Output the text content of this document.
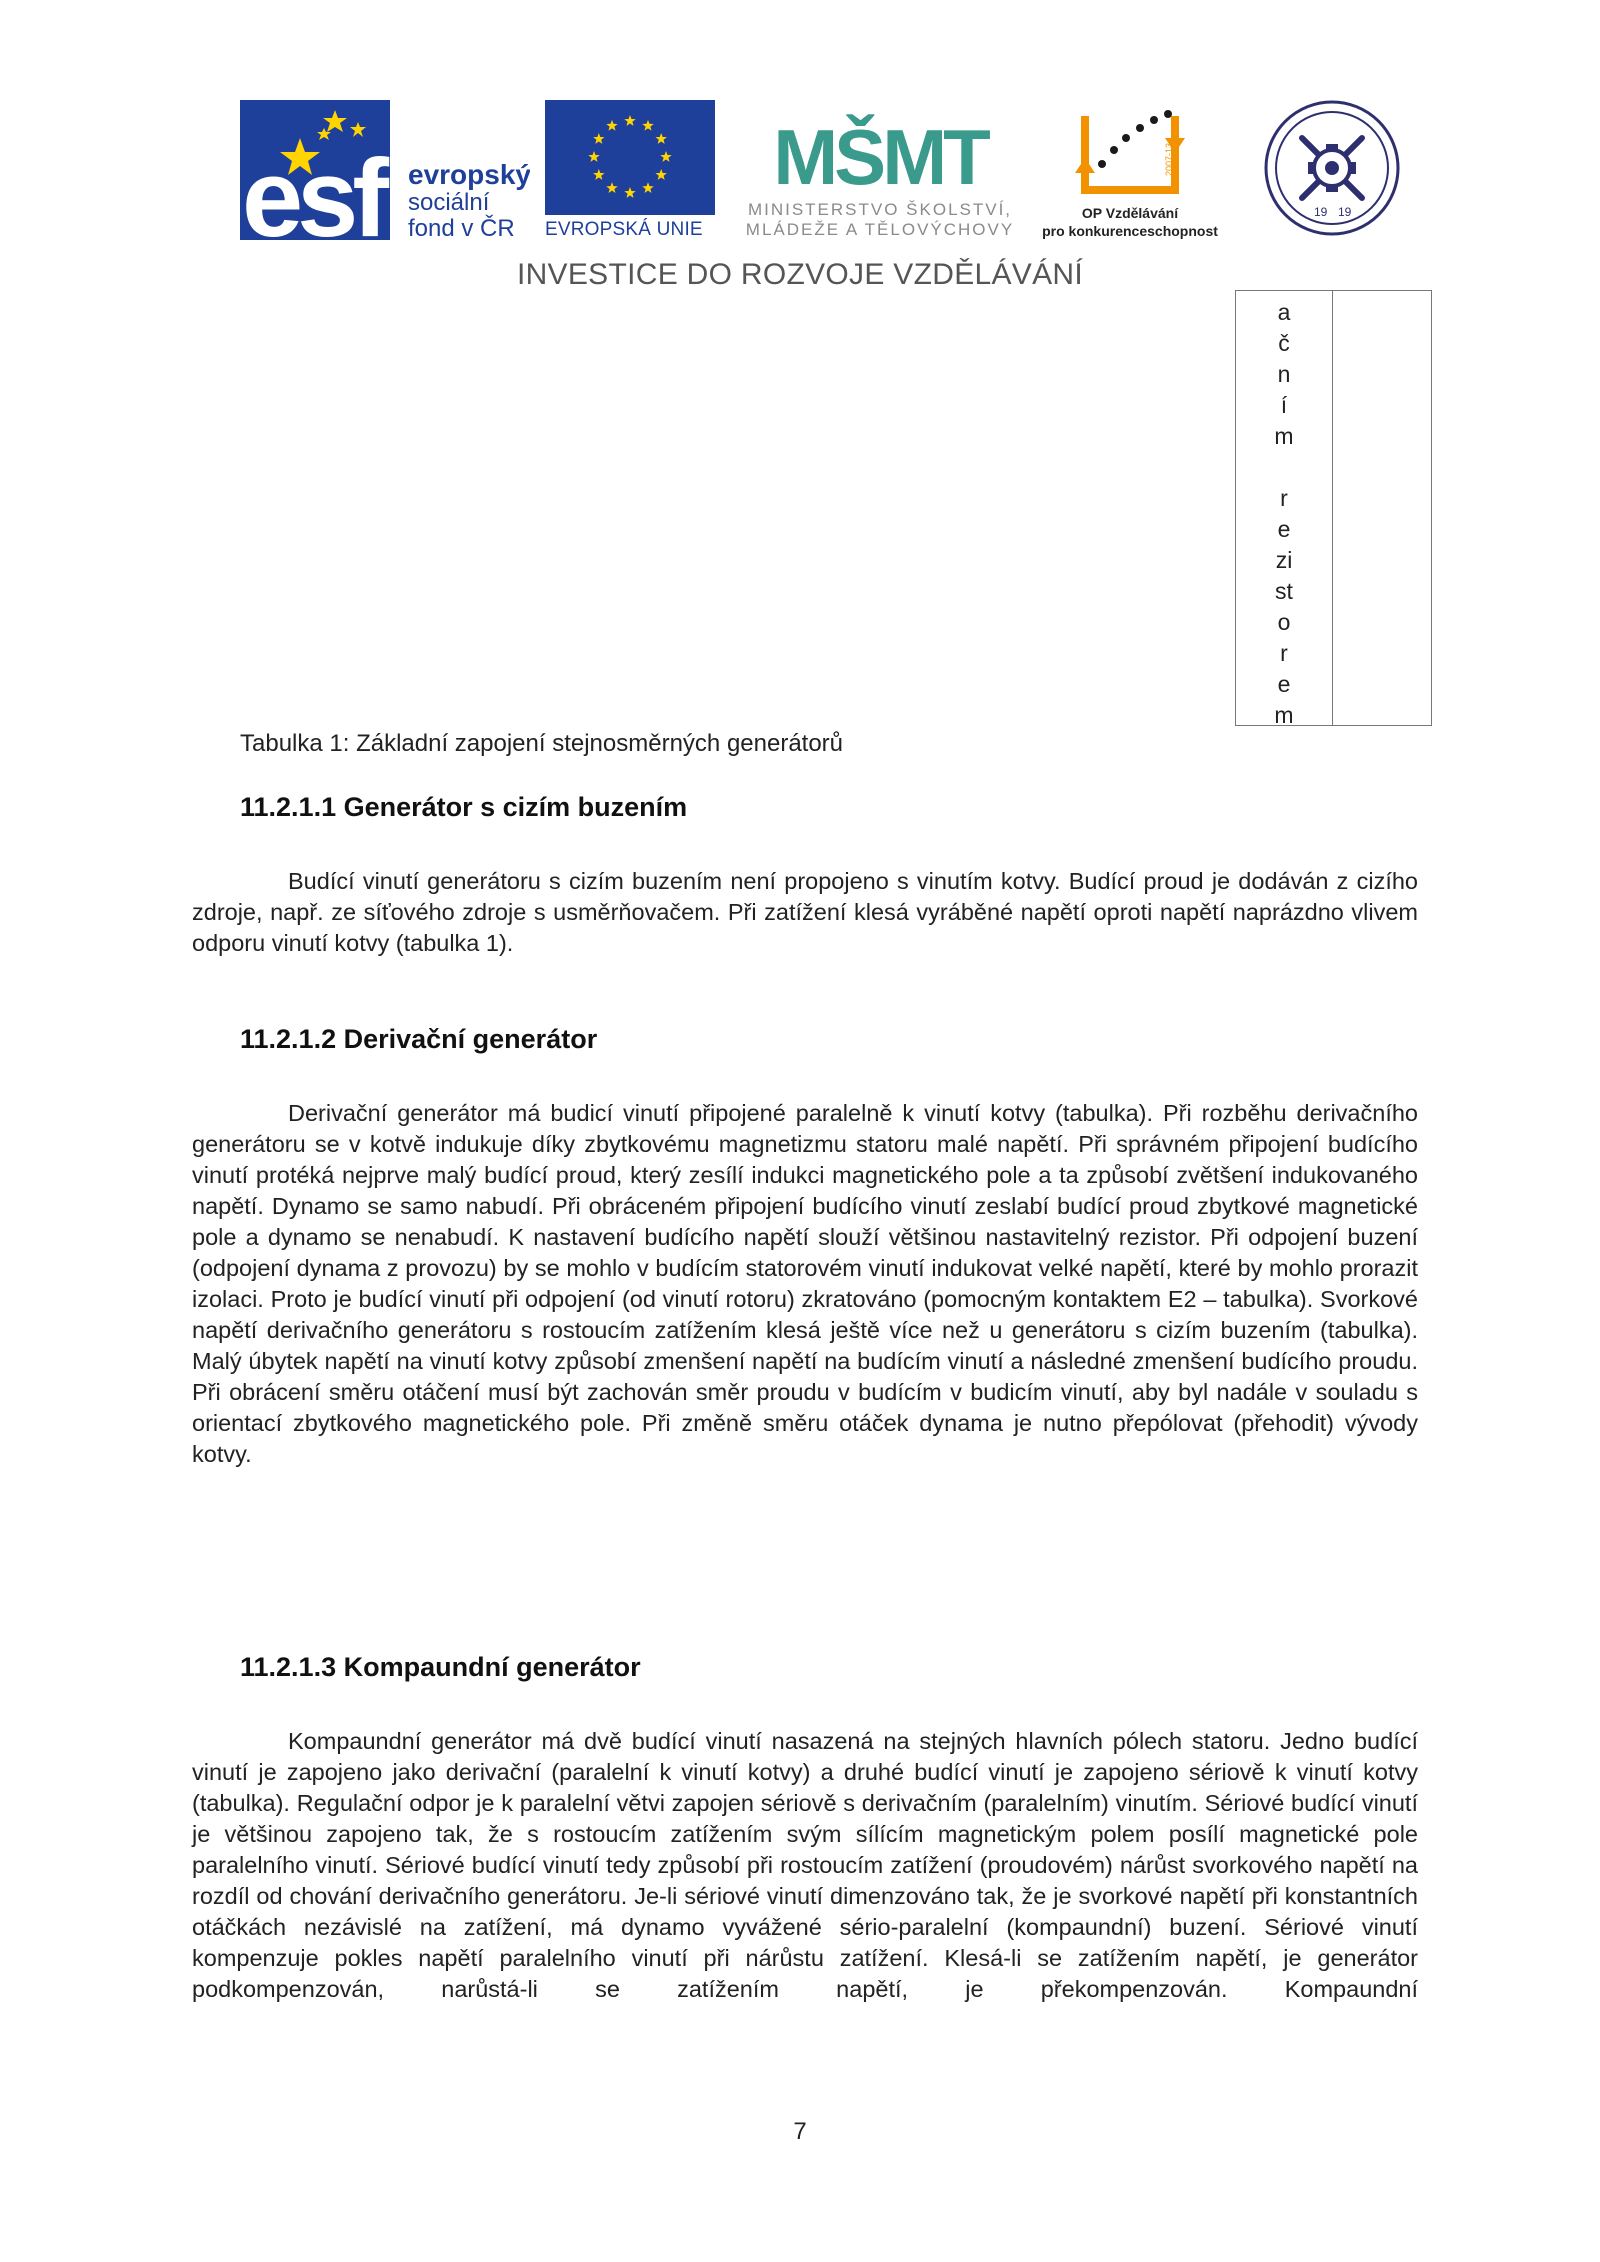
esf evropský
sociální
fond v ČR EVROPSKÁ UNIE
MŠMT
MINISTERSTVO ŠKOLSTVÍ,
MLÁDEŽE A TĚLOVÝCHOVY
2007-13
OP Vzdělávání
pro konkurenceschopnost
19 19
INVESTICE DO ROZVOJE VZDĚLÁVÁNÍ
a
č
n
í
m
r
e
zi
st
o
r
e
m
Tabulka 1: Základní zapojení stejnosměrných generátorů
11.2.1.1 Generátor s cizím buzením

Budící vinutí generátoru s cizím buzením není propojeno s vinutím kotvy. Budící proud je dodáván z cizího zdroje, např. ze síťového zdroje s usměrňovačem. Při zatížení klesá vyráběné napětí oproti napětí naprázdno vlivem odporu vinutí kotvy (tabulka 1).

11.2.1.2 Derivační generátor

Derivační generátor má budicí vinutí připojené paralelně k vinutí kotvy (tabulka). Při rozběhu derivačního generátoru se v kotvě indukuje díky zbytkovému magnetizmu statoru malé napětí. Při správném připojení budícího vinutí protéká nejprve malý budící proud, který zesílí indukci magnetického pole a ta způsobí zvětšení indukovaného napětí. Dynamo se samo nabudí. Při obráceném připojení budícího vinutí zeslabí budící proud zbytkové magnetické pole a dynamo se nenabudí. K nastavení budícího napětí slouží většinou nastavitelný rezistor. Při odpojení buzení (odpojení dynama z provozu) by se mohlo v budícím statorovém vinutí indukovat velké napětí, které by mohlo prorazit izolaci. Proto je budící vinutí při odpojení (od vinutí rotoru) zkratováno (pomocným kontaktem E2 – tabulka). Svorkové napětí derivačního generátoru s rostoucím zatížením klesá ještě více než u generátoru s cizím buzením (tabulka). Malý úbytek napětí na vinutí kotvy způsobí zmenšení napětí na budícím vinutí a následné zmenšení budícího proudu. Při obrácení směru otáčení musí být zachován směr proudu v budícím v budicím vinutí, aby byl nadále v souladu s orientací zbytkového magnetického pole. Při změně směru otáček dynama je nutno přepólovat (přehodit) vývody kotvy.

11.2.1.3 Kompaundní generátor

Kompaundní generátor má dvě budící vinutí nasazená na stejných hlavních pólech statoru. Jedno budící vinutí je zapojeno jako derivační (paralelní k vinutí kotvy) a druhé budící vinutí je zapojeno sériově k vinutí kotvy (tabulka). Regulační odpor je k paralelní větvi zapojen sériově s derivačním (paralelním) vinutím. Sériové budící vinutí je většinou zapojeno tak, že s rostoucím zatížením svým sílícím magnetickým polem posílí magnetické pole paralelního vinutí. Sériové budící vinutí tedy způsobí při rostoucím zatížení (proudovém) nárůst svorkového napětí na rozdíl od chování derivačního generátoru. Je-li sériové vinutí dimenzováno tak, že je svorkové napětí při konstantních otáčkách nezávislé na zatížení, má dynamo vyvážené sério-paralelní (kompaundní) buzení. Sériové vinutí kompenzuje pokles napětí paralelního vinutí při nárůstu zatížení. Klesá-li se zatížením napětí, je generátor podkompenzován, narůstá-li se zatížením napětí, je překompenzován. Kompaundní

7
